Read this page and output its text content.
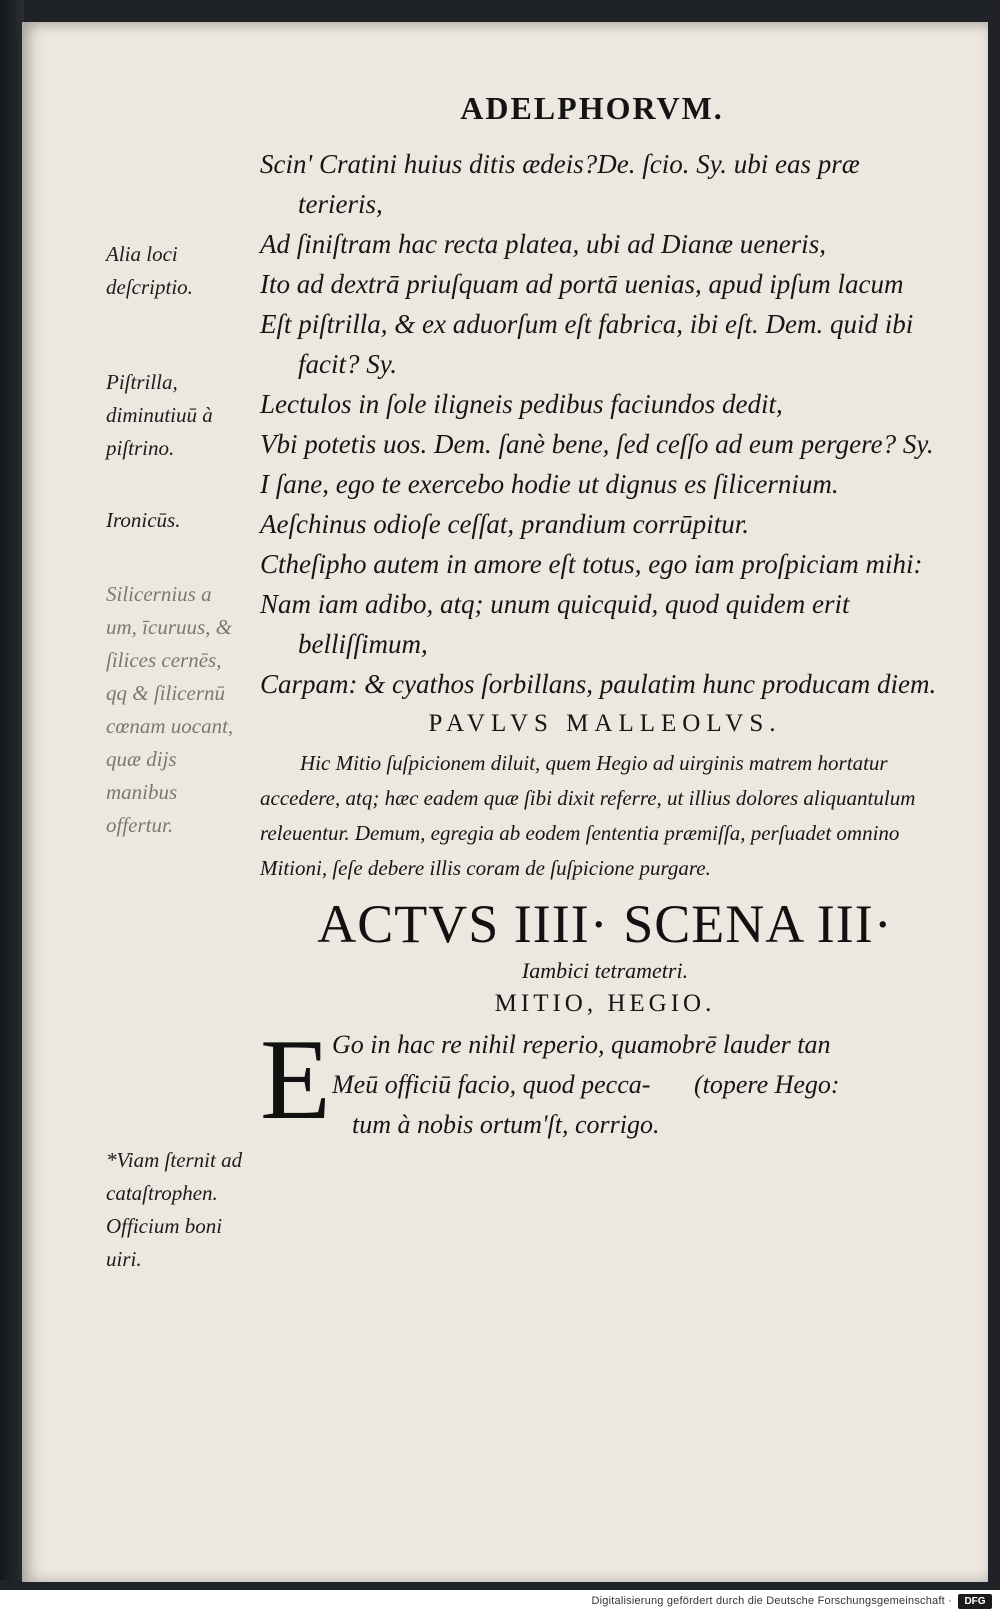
ADELPHORVM.
Alia loci deſcriptio.
Piſtrilla, diminutiuū à piſtrino.
Ironicūs.
Silicernius a um, īcuruus, & ſilices cernēs, qq & ſilicernū cœnam uocant, quæ dijs manibus offertur.
*Viam ſternit ad cataſtrophen. Officium boni uiri.

Scin' Cratini huius ditis ædeis?De. ſcio. Sy. ubi eas præ terieris,

Ad ſiniſtram hac recta platea, ubi ad Dianæ ueneris,

Ito ad dextrā priuſquam ad portā uenias, apud ipſum lacum

Eſt piſtrilla, & ex aduorſum eſt fabrica, ibi eſt. Dem. quid ibi facit? Sy.

Lectulos in ſole ilignеis pedibus faciundos dedit,

Vbi potetis uos. Dem. ſanè bene, ſed ceſſo ad eum pergere? Sy.

I ſane, ego te exercebo hodie ut dignus es ſilicernium.

Aeſchinus odioſe ceſſat, prandium corrūpitur.

Ctheſipho autem in amore eſt totus, ego iam proſpiciam mihi:

Nam iam adibo, atq; unum quicquid, quod quidem erit belliſſimum,

Carpam: & cyathos ſorbillans, paulatim hunc producam diem.

PAVLVS MALLEOLVS.
Hic Mitio ſuſpicionem diluit, quem Hegio ad uirginis matrem hortatur accedere, atq; hæc eadem quæ ſibi dixit referre, ut illius dolores aliquantulum releuentur. Demum, egregia ab eodem ſententia præmiſſa, perſuadet omnino Mitioni, ſeſe debere illis coram de ſuſpicione purgare.
ACTVS IIII· SCENA III·
Iambici tetrametri.
MITIO, HEGIO.
E Go in hac re nihil reperio, quamobrē lauder tan
Meū officiū facio, quod pecca- (topere Hego:
tum à nobis ortum'ſt, corrigo.
Digitalisierung gefördert durch die Deutsche Forschungsgemeinschaft ·	DFG
